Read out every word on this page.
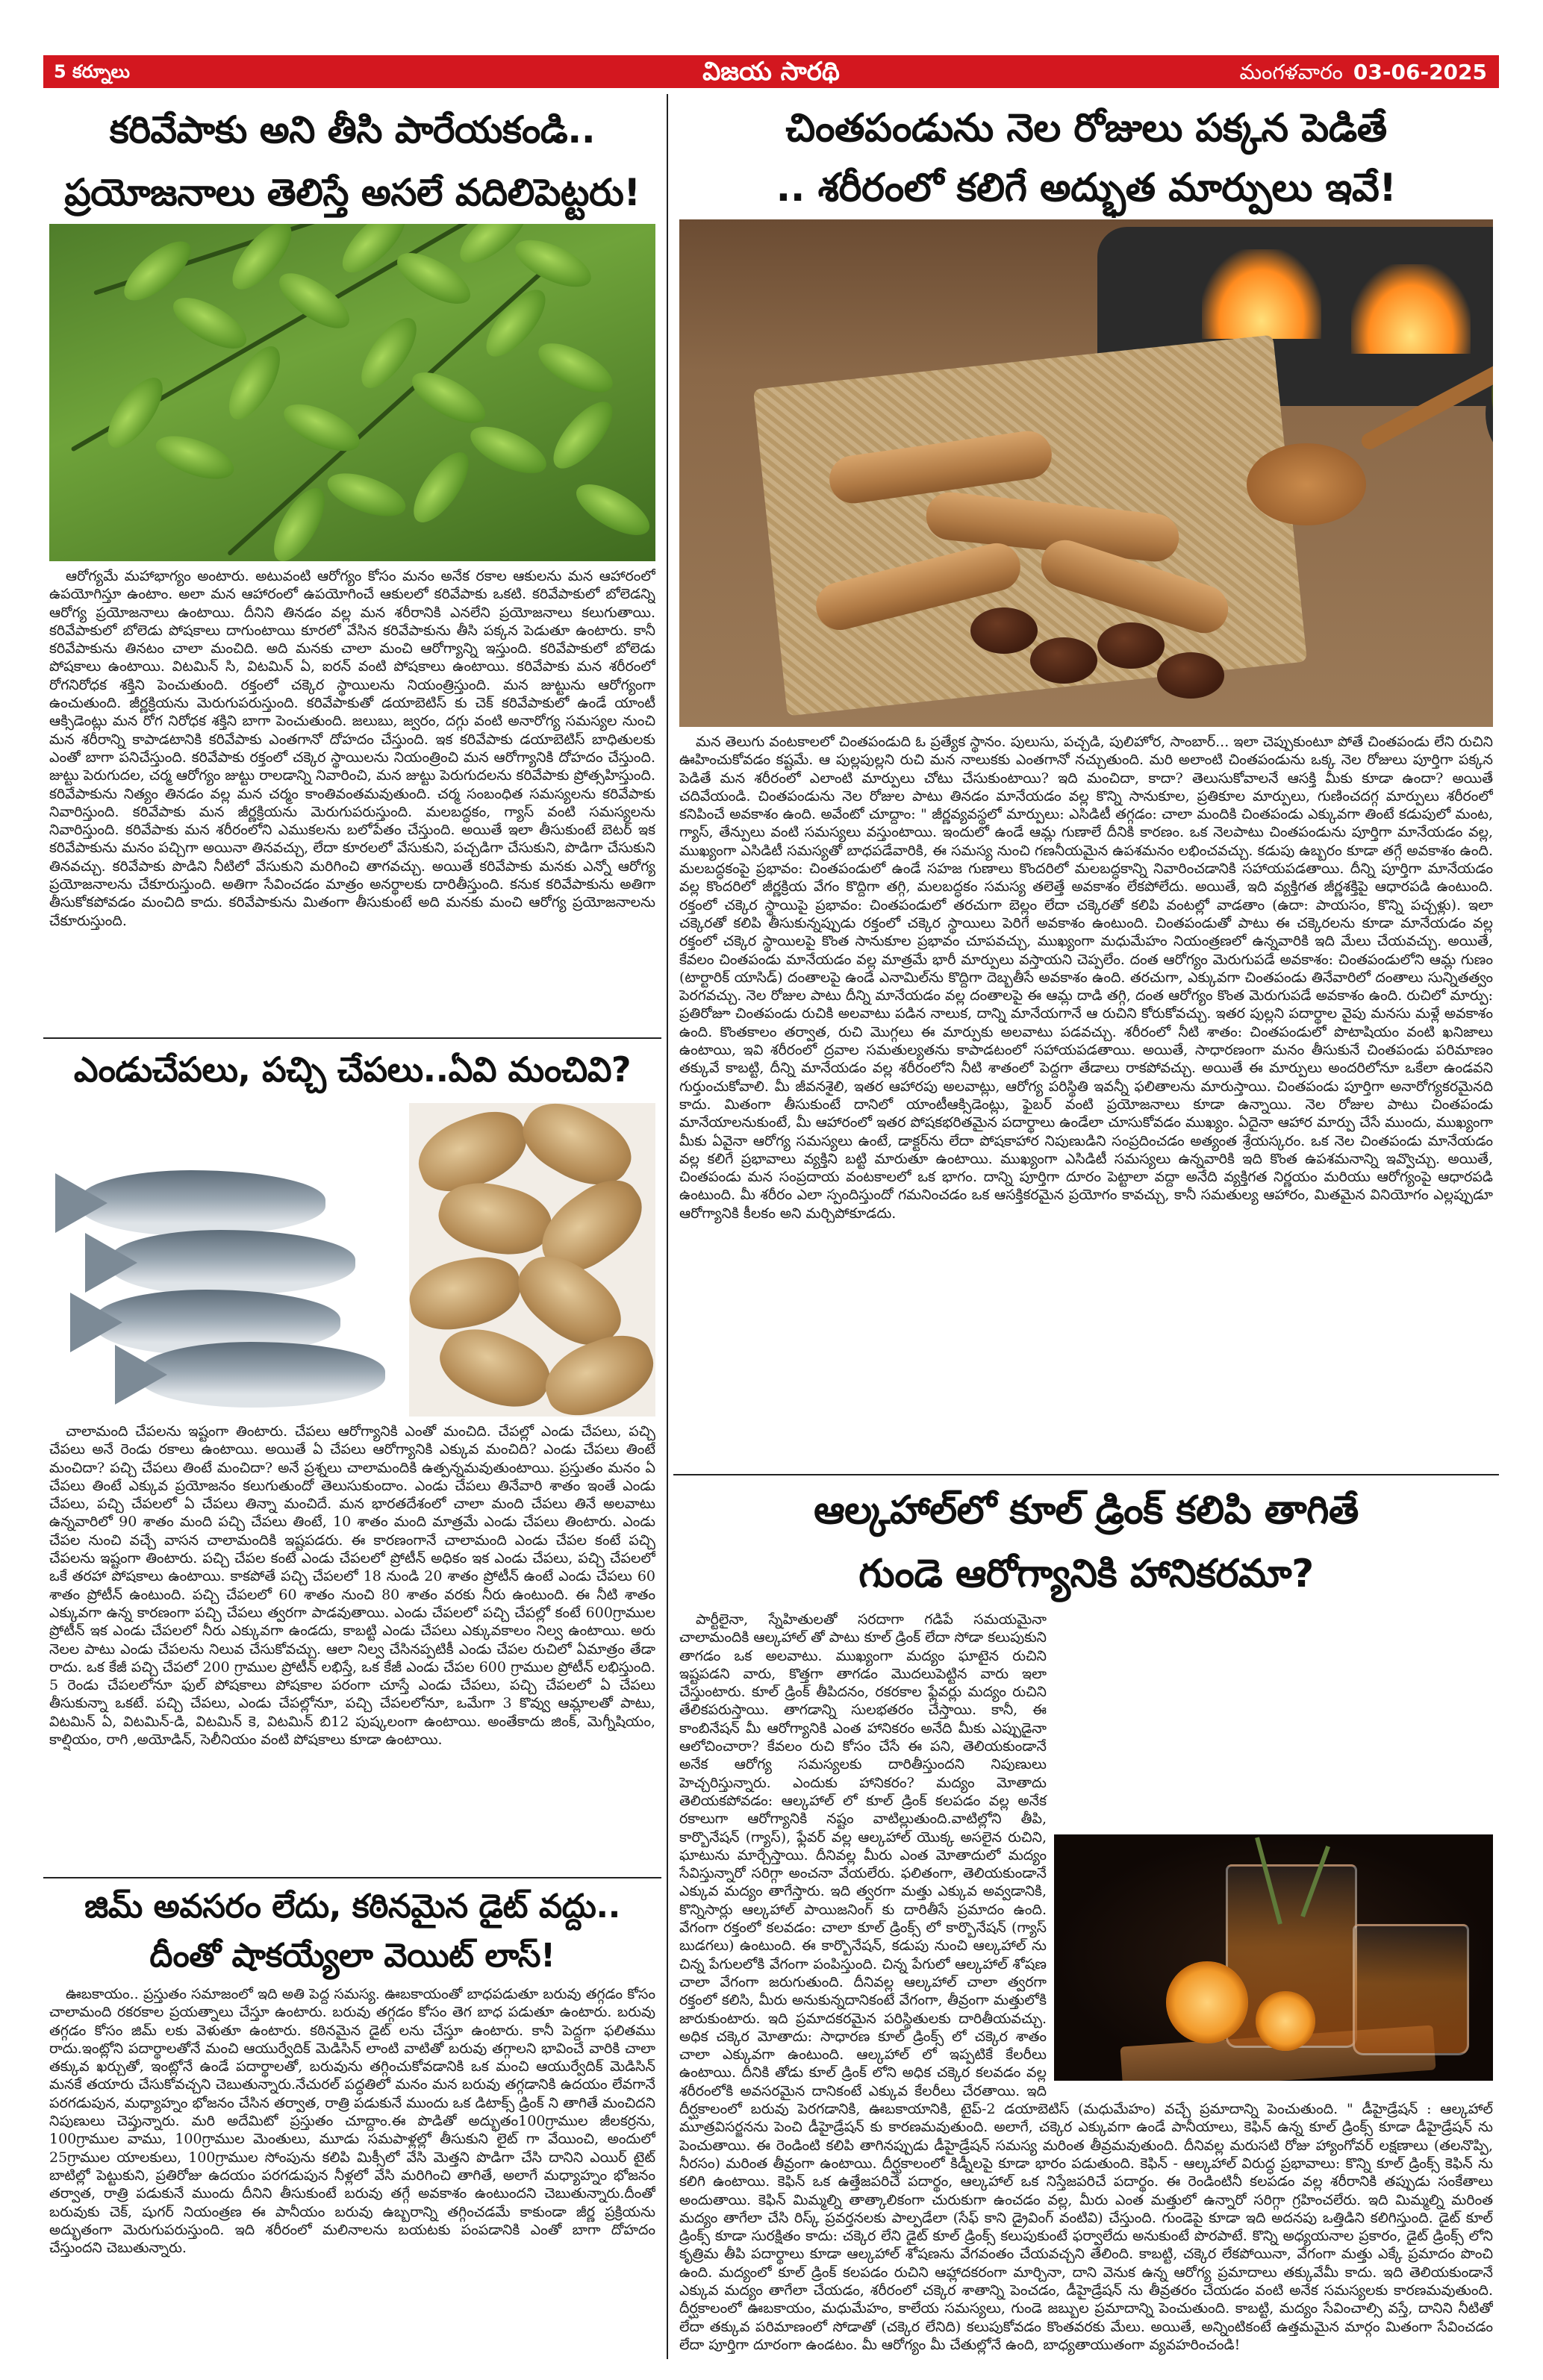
5 కర్నూలు	విజయ సారథి	మంగళవారం 03-06-2025
కరివేపాకు అని తీసి పారేయకండి..
ప్రయోజనాలు తెలిస్తే అసలే వదిలిపెట్టరు!

ఆరోగ్యమే మహాభాగ్యం అంటారు. అటువంటి ఆరోగ్యం కోసం మనం అనేక రకాల ఆకులను మన ఆహారంలో ఉపయోగిస్తూ ఉంటాం. అలా మన ఆహారంలో ఉపయోగించే ఆకులలో కరివేపాకు ఒకటి. కరివేపాకులో బోలెడన్ని ఆరోగ్య ప్రయోజనాలు ఉంటాయి. దీనిని తినడం వల్ల మన శరీరానికి ఎనలేని ప్రయోజనాలు కలుగుతాయి. కరివేపాకులో బోలెడు పోషకాలు దాగుంటాయి కూరలో వేసిన కరివేపాకును తీసి పక్కన పెడుతూ ఉంటారు. కానీ కరివేపాకును తినటం చాలా మంచిది. అది మనకు చాలా మంచి ఆరోగ్యాన్ని ఇస్తుంది. కరివేపాకులో బోలెడు పోషకాలు ఉంటాయి. విటమిన్ సి, విటమిన్ ఏ, ఐరన్ వంటి పోషకాలు ఉంటాయి. కరివేపాకు మన శరీరంలో రోగనిరోధక శక్తిని పెంచుతుంది. రక్తంలో చక్కెర స్థాయిలను నియంత్రిస్తుంది. మన జుట్టును ఆరోగ్యంగా ఉంచుతుంది. జీర్ణక్రియను మెరుగుపరుస్తుంది. కరివేపాకుతో డయాబెటిస్ కు చెక్ కరివేపాకులో ఉండే యాంటీ ఆక్సిడెంట్లు మన రోగ నిరోధక శక్తిని బాగా పెంచుతుంది. జలుబు, జ్వరం, దగ్గు వంటి అనారోగ్య సమస్యల నుంచి మన శరీరాన్ని కాపాడటానికి కరివేపాకు ఎంతగానో దోహదం చేస్తుంది. ఇక కరివేపాకు డయాబెటిస్ బాధితులకు ఎంతో బాగా పనిచేస్తుంది. కరివేపాకు రక్తంలో చక్కెర స్థాయిలను నియంత్రించి మన ఆరోగ్యానికి దోహదం చేస్తుంది. జుట్టు పెరుగుదల, చర్మ ఆరోగ్యం జుట్టు రాలడాన్ని నివారించి, మన జుట్టు పెరుగుదలను కరివేపాకు ప్రోత్సహిస్తుంది. కరివేపాకును నిత్యం తినడం వల్ల మన చర్మం కాంతివంతమవుతుంది. చర్మ సంబంధిత సమస్యలను కరివేపాకు నివారిస్తుంది. కరివేపాకు మన జీర్ణక్రియను మెరుగుపరుస్తుంది. మలబద్ధకం, గ్యాస్ వంటి సమస్యలను నివారిస్తుంది. కరివేపాకు మన శరీరంలోని ఎముకలను బలోపేతం చేస్తుంది. అయితే ఇలా తీసుకుంటే బెటర్ ఇక కరివేపాకును మనం పచ్చిగా అయినా తినవచ్చు, లేదా కూరలలో వేసుకుని, పచ్చడిగా చేసుకుని, పొడిగా చేసుకుని తినవచ్చు. కరివేపాకు పొడిని నీటిలో వేసుకుని మరిగించి తాగవచ్చు. అయితే కరివేపాకు మనకు ఎన్నో ఆరోగ్య ప్రయోజనాలను చేకూరుస్తుంది. అతిగా సేవించడం మాత్రం అనర్థాలకు దారితీస్తుంది. కనుక కరివేపాకును అతిగా తీసుకోకపోవడం మంచిది కాదు. కరివేపాకును మితంగా తీసుకుంటే అది మనకు మంచి ఆరోగ్య ప్రయోజనాలను చేకూరుస్తుంది.

ఎండుచేపలు, పచ్చి చేపలు..ఏవి మంచివి?

చాలామంది చేపలను ఇష్టంగా తింటారు. చేపలు ఆరోగ్యానికి ఎంతో మంచిది. చేపల్లో ఎండు చేపలు, పచ్చి చేపలు అనే రెండు రకాలు ఉంటాయి. అయితే ఏ చేపలు ఆరోగ్యానికి ఎక్కువ మంచిది? ఎండు చేపలు తింటే మంచిదా? పచ్చి చేపలు తింటే మంచిదా? అనే ప్రశ్నలు చాలామందికి ఉత్పన్నమవుతుంటాయి. ప్రస్తుతం మనం ఏ చేపలు తింటే ఎక్కువ ప్రయోజనం కలుగుతుందో తెలుసుకుందాం. ఎండు చేపలు తినేవారి శాతం ఇంతే ఎండు చేపలు, పచ్చి చేపలలో ఏ చేపలు తిన్నా మంచిదే. మన భారతదేశంలో చాలా మంది చేపలు తినే అలవాటు ఉన్నవారిలో 90 శాతం మంది పచ్చి చేపలు తింటే, 10 శాతం మంది మాత్రమే ఎండు చేపలు తింటారు. ఎండు చేపల నుంచి వచ్చే వాసన చాలామందికి ఇష్టపడరు. ఈ కారణంగానే చాలామంది ఎండు చేపల కంటే పచ్చి చేపలను ఇష్టంగా తింటారు. పచ్చి చేపల కంటే ఎండు చేపలలో ప్రోటీన్ అధికం ఇక ఎండు చేపలు, పచ్చి చేపలలో ఒకే తరహా పోషకాలు ఉంటాయి. కాకపోతే పచ్చి చేపలలో 18 నుండి 20 శాతం ప్రోటీన్ ఉంటే ఎండు చేపలు 60 శాతం ప్రోటీన్ ఉంటుంది. పచ్చి చేపలలో 60 శాతం నుంచి 80 శాతం వరకు నీరు ఉంటుంది. ఈ నీటి శాతం ఎక్కువగా ఉన్న కారణంగా పచ్చి చేపలు త్వరగా పాడవుతాయి. ఎండు చేపలలో పచ్చి చేపల్లో కంటే 600గ్రాముల ప్రోటీన్ ఇక ఎండు చేపలలో నీరు ఎక్కువగా ఉండదు, కాబట్టి ఎండు చేపలు ఎక్కువకాలం నిల్వ ఉంటాయి. అరు నెలల పాటు ఎండు చేపలను నిలువ చేసుకోవచ్చు. ఆలా నిల్వ చేసినప్పటికీ ఎండు చేపల రుచిలో ఏమాత్రం తేడా రాదు. ఒక కేజీ పచ్చి చేపలో 200 గ్రాముల ప్రోటీన్ లభిస్తే, ఒక కేజీ ఎండు చేపల 600 గ్రాముల ప్రోటీన్ లభిస్తుంది. 5 రెండు చేపలలోనూ ఫుల్ పోషకాలు పోషకాల పరంగా చూస్తే ఎండు చేపలు, పచ్చి చేపలలో ఏ చేపలు తీసుకున్నా ఒకటే. పచ్చి చేపలు, ఎండు చేపల్లోనూ, పచ్చి చేపలలోనూ, ఒమేగా 3 కొవ్వు ఆమ్లాలతో పాటు, విటమిన్ ఏ, విటమిన్-డి, విటమిన్ కె, విటమిన్ బి12 పుష్కలంగా ఉంటాయి. అంతేకాదు జింక్, మెగ్నీషియం, కాల్షియం, రాగి ,అయోడిన్, సెలీనియం వంటి పోషకాలు కూడా ఉంటాయి.

జిమ్ అవసరం లేదు, కఠినమైన డైట్ వద్దు..
దీంతో షాకయ్యేలా వెయిట్ లాస్!

ఊబకాయం.. ప్రస్తుతం సమాజంలో ఇది అతి పెద్ద సమస్య. ఊబకాయంతో బాధపడుతూ బరువు తగ్గడం కోసం చాలామంది రకరకాల ప్రయత్నాలు చేస్తూ ఉంటారు. బరువు తగ్గడం కోసం తెగ బాధ పడుతూ ఉంటారు. బరువు తగ్గడం కోసం జిమ్ లకు వెళుతూ ఉంటారు. కఠినమైన డైట్ లను చేస్తూ ఉంటారు. కానీ పెద్దగా ఫలితము రాదు.ఇంట్లోని పదార్థాలతోనే మంచి ఆయుర్వేదిక్ మెడిసిన్ లాంటి వాటితో బరువు తగ్గాలని భావించే వారికి చాలా తక్కువ ఖర్చుతో, ఇంట్లోనే ఉండే పదార్థాలతో, బరువును తగ్గించుకోవడానికి ఒక మంచి ఆయుర్వేదిక్ మెడిసిన్ మనకే తయారు చేసుకోవచ్చని చెబుతున్నారు.నేచురల్ పద్ధతిలో మనం మన బరువు తగ్గడానికి ఉదయం లేవగానే పరగడుపున, మధ్యాహ్నం భోజనం చేసిన తర్వాత, రాత్రి పడుకునే ముందు ఒక డిటాక్స్ డ్రింక్ ని తాగితే మంచిదని నిపుణులు చెప్తున్నారు. మరి అదేమిటో ప్రస్తుతం చూద్దాం.ఈ పొడితో అద్భుతం100గ్రాముల జీలకర్రను, 100గ్రాముల వాము, 100గ్రాముల మెంతులు, మూడు సమపాళ్లల్లో తీసుకుని లైట్ గా వేయించి, అందులో 25గ్రాముల యాలకులు, 100గ్రాముల సోంపును కలిపి మిక్సీలో వేసి మెత్తని పొడిగా చేసి దానిని ఎయిర్ టైట్ బాటిల్లో పెట్టుకుని, ప్రతిరోజు ఉదయం పరగడుపున నీళ్లలో వేసి మరిగించి తాగితే, అలాగే మధ్యాహ్నం భోజనం తర్వాత, రాత్రి పడుకునే ముందు దీనిని తీసుకుంటే బరువు తగ్గే అవకాశం ఉంటుందని చెబుతున్నారు.దీంతో బరువుకు చెక్, షుగర్ నియంత్రణ ఈ పానీయం బరువు ఉబ్బరాన్ని తగ్గించడమే కాకుండా జీర్ణ ప్రక్రియను అద్భుతంగా మెరుగుపరుస్తుంది. ఇది శరీరంలో మలినాలను బయటకు పంపడానికి ఎంతో బాగా దోహదం చేస్తుందని చెబుతున్నారు.

చింతపండును నెల రోజులు పక్కన పెడితే
.. శరీరంలో కలిగే అద్భుత మార్పులు ఇవే!

మన తెలుగు వంటకాలలో చింతపండుది ఓ ప్రత్యేక స్థానం. పులుసు, పచ్చడి, పులిహోర, సాంబార్... ఇలా చెప్పుకుంటూ పోతే చింతపండు లేని రుచిని ఊహించుకోవడం కష్టమే. ఆ పుల్లపుల్లని రుచి మన నాలుకకు ఎంతగానో నచ్చుతుంది. మరి అలాంటి చింతపండును ఒక్క నెల రోజులు పూర్తిగా పక్కన పెడితే మన శరీరంలో ఎలాంటి మార్పులు చోటు చేసుకుంటాయి? ఇది మంచిదా, కాదా? తెలుసుకోవాలనే ఆసక్తి మీకు కూడా ఉందా? అయితే చదివేయండి. చింతపండును నెల రోజుల పాటు తినడం మానేయడం వల్ల కొన్ని సానుకూల, ప్రతికూల మార్పులు, గుణించదగ్గ మార్పులు శరీరంలో కనిపించే అవకాశం ఉంది. అవేంటో చూద్దాం: " జీర్ణవ్యవస్థలో మార్పులు: ఎసిడిటీ తగ్గడం: చాలా మందికి చింతపండు ఎక్కువగా తింటే కడుపులో మంట, గ్యాస్, తేన్పులు వంటి సమస్యలు వస్తుంటాయి. ఇందులో ఉండే ఆమ్ల గుణాలే దీనికి కారణం. ఒక నెలపాటు చింతపండును పూర్తిగా మానేయడం వల్ల, ముఖ్యంగా ఎసిడిటీ సమస్యతో బాధపడేవారికి, ఈ సమస్య నుంచి గణనీయమైన ఉపశమనం లభించవచ్చు. కడుపు ఉబ్బరం కూడా తగ్గే అవకాశం ఉంది. మలబద్ధకంపై ప్రభావం: చింతపండులో ఉండే సహజ గుణాలు కొందరిలో మలబద్ధకాన్ని నివారించడానికి సహాయపడతాయి. దీన్ని పూర్తిగా మానేయడం వల్ల కొందరిలో జీర్ణక్రియ వేగం కొద్దిగా తగ్గి, మలబద్ధకం సమస్య తలెత్తే అవకాశం లేకపోలేదు. అయితే, ఇది వ్యక్తిగత జీర్ణశక్తిపై ఆధారపడి ఉంటుంది. రక్తంలో చక్కెర స్థాయిపై ప్రభావం: చింతపండులో తరచుగా బెల్లం లేదా చక్కెరతో కలిపి వంటల్లో వాడతాం (ఉదా: పాయసం, కొన్ని పచ్చళ్లు). ఇలా చక్కెరతో కలిపి తీసుకున్నప్పుడు రక్తంలో చక్కెర స్థాయిలు పెరిగే అవకాశం ఉంటుంది. చింతపండుతో పాటు ఈ చక్కెరలను కూడా మానేయడం వల్ల రక్తంలో చక్కెర స్థాయిలపై కొంత సానుకూల ప్రభావం చూపవచ్చు, ముఖ్యంగా మధుమేహం నియంత్రణలో ఉన్నవారికి ఇది మేలు చేయవచ్చు. అయితే, కేవలం చింతపండు మానేయడం వల్ల మాత్రమే భారీ మార్పులు వస్తాయని చెప్పలేం. దంత ఆరోగ్యం మెరుగుపడే అవకాశం: చింతపండులోని ఆమ్ల గుణం (టార్టారిక్ యాసిడ్) దంతాలపై ఉండే ఎనామిల్‌ను కొద్దిగా దెబ్బతీసే అవకాశం ఉంది. తరచుగా, ఎక్కువగా చింతపండు తినేవారిలో దంతాలు సున్నితత్వం పెరగవచ్చు. నెల రోజుల పాటు దీన్ని మానేయడం వల్ల దంతాలపై ఈ ఆమ్ల దాడి తగ్గి, దంత ఆరోగ్యం కొంత మెరుగుపడే అవకాశం ఉంది. రుచిలో మార్పు: ప్రతిరోజూ చింతపండు రుచికి అలవాటు పడిన నాలుక, దాన్ని మానేయగానే ఆ రుచిని కోరుకోవచ్చు. ఇతర పుల్లని పదార్థాల వైపు మనసు మళ్లే అవకాశం ఉంది. కొంతకాలం తర్వాత, రుచి మొగ్గలు ఈ మార్పుకు అలవాటు పడవచ్చు. శరీరంలో నీటి శాతం: చింతపండులో పొటాషియం వంటి ఖనిజాలు ఉంటాయి, ఇవి శరీరంలో ద్రవాల సమతుల్యతను కాపాడటంలో సహాయపడతాయి. అయితే, సాధారణంగా మనం తీసుకునే చింతపండు పరిమాణం తక్కువే కాబట్టి, దీన్ని మానేయడం వల్ల శరీరంలోని నీటి శాతంలో పెద్దగా తేడాలు రాకపోవచ్చు. అయితే ఈ మార్పులు అందరిలోనూ ఒకేలా ఉండవని గుర్తుంచుకోవాలి. మీ జీవనశైలి, ఇతర ఆహారపు అలవాట్లు, ఆరోగ్య పరిస్థితి ఇవన్నీ ఫలితాలను మారుస్తాయి. చింతపండు పూర్తిగా అనారోగ్యకరమైనది కాదు. మితంగా తీసుకుంటే దానిలో యాంటీఆక్సిడెంట్లు, ఫైబర్ వంటి ప్రయోజనాలు కూడా ఉన్నాయి. నెల రోజుల పాటు చింతపండు మానేయాలనుకుంటే, మీ ఆహారంలో ఇతర పోషకభరితమైన పదార్థాలు ఉండేలా చూసుకోవడం ముఖ్యం. ఏదైనా ఆహార మార్పు చేసే ముందు, ముఖ్యంగా మీకు ఏవైనా ఆరోగ్య సమస్యలు ఉంటే, డాక్టర్‌ను లేదా పోషకాహార నిపుణుడిని సంప్రదించడం అత్యంత శ్రేయస్కరం. ఒక నెల చింతపండు మానేయడం వల్ల కలిగే ప్రభావాలు వ్యక్తిని బట్టి మారుతూ ఉంటాయి. ముఖ్యంగా ఎసిడిటీ సమస్యలు ఉన్నవారికి ఇది కొంత ఉపశమనాన్ని ఇవ్వొచ్చు. అయితే, చింతపండు మన సంప్రదాయ వంటకాలలో ఒక భాగం. దాన్ని పూర్తిగా దూరం పెట్టాలా వద్దా అనేది వ్యక్తిగత నిర్ణయం మరియు ఆరోగ్యంపై ఆధారపడి ఉంటుంది. మీ శరీరం ఎలా స్పందిస్తుందో గమనించడం ఒక ఆసక్తికరమైన ప్రయోగం కావచ్చు, కానీ సమతుల్య ఆహారం, మితమైన వినియోగం ఎల్లప్పుడూ ఆరోగ్యానికి కీలకం అని మర్చిపోకూడదు.

ఆల్కహాల్‌లో కూల్ డ్రింక్ కలిపి తాగితే
గుండె ఆరోగ్యానికి హానికరమా?

పార్టీలైనా, స్నేహితులతో సరదాగా గడిపే సమయమైనా చాలామందికి ఆల్కహాల్ తో పాటు కూల్ డ్రింక్ లేదా సోడా కలుపుకుని తాగడం ఒక అలవాటు. ముఖ్యంగా మద్యం ఘాటైన రుచిని ఇష్టపడని వారు, కొత్తగా తాగడం మొదలుపెట్టిన వారు ఇలా చేస్తుంటారు. కూల్ డ్రింక్ తీపిదనం, రకరకాల ఫ్లేవర్లు మద్యం రుచిని తేలికపరుస్తాయి. తాగడాన్ని సులభతరం చేస్తాయి. కానీ, ఈ కాంబినేషన్ మీ ఆరోగ్యానికి ఎంత హానికరం అనేది మీకు ఎప్పుడైనా ఆలోచించారా? కేవలం రుచి కోసం చేసే ఈ పని, తెలియకుండానే అనేక ఆరోగ్య సమస్యలకు దారితీస్తుందని నిపుణులు హెచ్చరిస్తున్నారు. ఎందుకు హానికరం? మద్యం మోతాదు తెలియకపోవడం: ఆల్కహాల్ లో కూల్ డ్రింక్ కలపడం వల్ల అనేక రకాలుగా ఆరోగ్యానికి నష్టం వాటిల్లుతుంది.వాటిల్లోని తీపి, కార్బొనేషన్ (గ్యాస్), ఫ్లేవర్ వల్ల ఆల్కహాల్ యొక్క అసలైన రుచిని, ఘాటును మార్చేస్తాయి. దీనివల్ల మీరు ఎంత మోతాదులో మద్యం సేవిస్తున్నారో సరిగ్గా అంచనా వేయలేరు. ఫలితంగా, తెలియకుండానే ఎక్కువ మద్యం తాగేస్తారు. ఇది త్వరగా మత్తు ఎక్కువ అవ్వడానికి, కొన్నిసార్లు ఆల్కహాల్ పాయిజనింగ్ కు దారితీసే ప్రమాదం ఉంది. వేగంగా రక్తంలో కలవడం: చాలా కూల్ డ్రింక్స్ లో కార్బొనేషన్ (గ్యాస్ బుడగలు) ఉంటుంది. ఈ కార్బొనేషన్, కడుపు నుంచి ఆల్కహాల్ ను చిన్న పేగులలోకి వేగంగా పంపిస్తుంది. చిన్న పేగులో ఆల్కహాల్ శోషణ చాలా వేగంగా జరుగుతుంది. దీనివల్ల ఆల్కహాల్ చాలా త్వరగా రక్తంలో కలిసి, మీరు అనుకున్నదానికంటే వేగంగా, తీవ్రంగా మత్తులోకి జారుకుంటారు. ఇది ప్రమాదకరమైన పరిస్థితులకు దారితీయవచ్చు. అధిక చక్కెర మోతాదు: సాధారణ కూల్ డ్రింక్స్ లో చక్కెర శాతం చాలా ఎక్కువగా ఉంటుంది. ఆల్కహాల్ లో ఇప్పటికే కేలరీలు ఉంటాయి. దీనికి తోడు కూల్ డ్రింక్ లోని అధిక చక్కెర కలవడం వల్ల శరీరంలోకి అవసరమైన దానికంటే ఎక్కువ కేలరీలు చేరతాయి. ఇది దీర్ఘకాలంలో బరువు పెరగడానికి, ఊబకాయానికి, టైప్-2 డయాబెటిస్ (మధుమేహం) వచ్చే ప్రమాదాన్ని పెంచుతుంది. " డీహైడ్రేషన్ : ఆల్కహాల్ మూత్రవిసర్జనను పెంచి డీహైడ్రేషన్ కు కారణమవుతుంది. అలాగే, చక్కెర ఎక్కువగా ఉండే పానీయాలు, కెఫిన్ ఉన్న కూల్ డ్రింక్స్ కూడా డీహైడ్రేషన్ ను పెంచుతాయి. ఈ రెండింటి కలిపి తాగినప్పుడు డీహైడ్రేషన్ సమస్య మరింత తీవ్రమవుతుంది. దీనివల్ల మరుసటి రోజు హ్యాంగోవర్ లక్షణాలు (తలనొప్పి, నీరసం) మరింత తీవ్రంగా ఉంటాయి. దీర్ఘకాలంలో కిడ్నీలపై కూడా భారం పడుతుంది. కెఫిన్ - ఆల్కహాల్ విరుద్ధ ప్రభావాలు: కొన్ని కూల్ డ్రింక్స్ కెఫిన్ ను కలిగి ఉంటాయి. కెఫిన్ ఒక ఉత్తేజపరిచే పదార్థం, ఆల్కహాల్ ఒక నిస్తేజపరిచే పదార్థం. ఈ రెండింటినీ కలపడం వల్ల శరీరానికి తప్పుడు సంకేతాలు అందుతాయి. కెఫిన్ మిమ్మల్ని తాత్కాలికంగా చురుకుగా ఉంచడం వల్ల, మీరు ఎంత మత్తులో ఉన్నారో సరిగ్గా గ్రహించలేరు. ఇది మిమ్మల్ని మరింత మద్యం తాగేలా చేసి రిస్క్ ప్రవర్తనలకు పాల్పడేలా (సేఫ్ కాని డ్రైవింగ్ వంటివి) చేస్తుంది. గుండెపై కూడా ఇది అదనపు ఒత్తిడిని కలిగిస్తుంది. డైట్ కూల్ డ్రింక్స్ కూడా సురక్షితం కాదు: చక్కెర లేని డైట్ కూల్ డ్రింక్స్ కలుపుకుంటే ఫర్వాలేదు అనుకుంటే పొరపాటే. కొన్ని అధ్యయనాల ప్రకారం, డైట్ డ్రింక్స్ లోని కృత్రిమ తీపి పదార్థాలు కూడా ఆల్కహాల్ శోషణను వేగవంతం చేయవచ్చని తేలింది. కాబట్టి, చక్కెర లేకపోయినా, వేగంగా మత్తు ఎక్కే ప్రమాదం పొంచి ఉంది. మద్యంలో కూల్ డ్రింక్ కలపడం రుచిని ఆహ్లాదకరంగా మార్చినా, దాని వెనుక ఉన్న ఆరోగ్య ప్రమాదాలు తక్కువేమీ కాదు. ఇది తెలియకుండానే ఎక్కువ మద్యం తాగేలా చేయడం, శరీరంలో చక్కెర శాతాన్ని పెంచడం, డీహైడ్రేషన్ ను తీవ్రతరం చేయడం వంటి అనేక సమస్యలకు కారణమవుతుంది. దీర్ఘకాలంలో ఊబకాయం, మధుమేహం, కాలేయ సమస్యలు, గుండె జబ్బుల ప్రమాదాన్ని పెంచుతుంది. కాబట్టి, మద్యం సేవించాల్సి వస్తే, దానిని నీటితో లేదా తక్కువ పరిమాణంలో సోడాతో (చక్కెర లేనిది) కలుపుకోవడం కొంతవరకు మేలు. అయితే, అన్నింటికంటే ఉత్తమమైన మార్గం మితంగా సేవించడం లేదా పూర్తిగా దూరంగా ఉండటం. మీ ఆరోగ్యం మీ చేతుల్లోనే ఉంది, బాధ్యతాయుతంగా వ్యవహరించండి!
